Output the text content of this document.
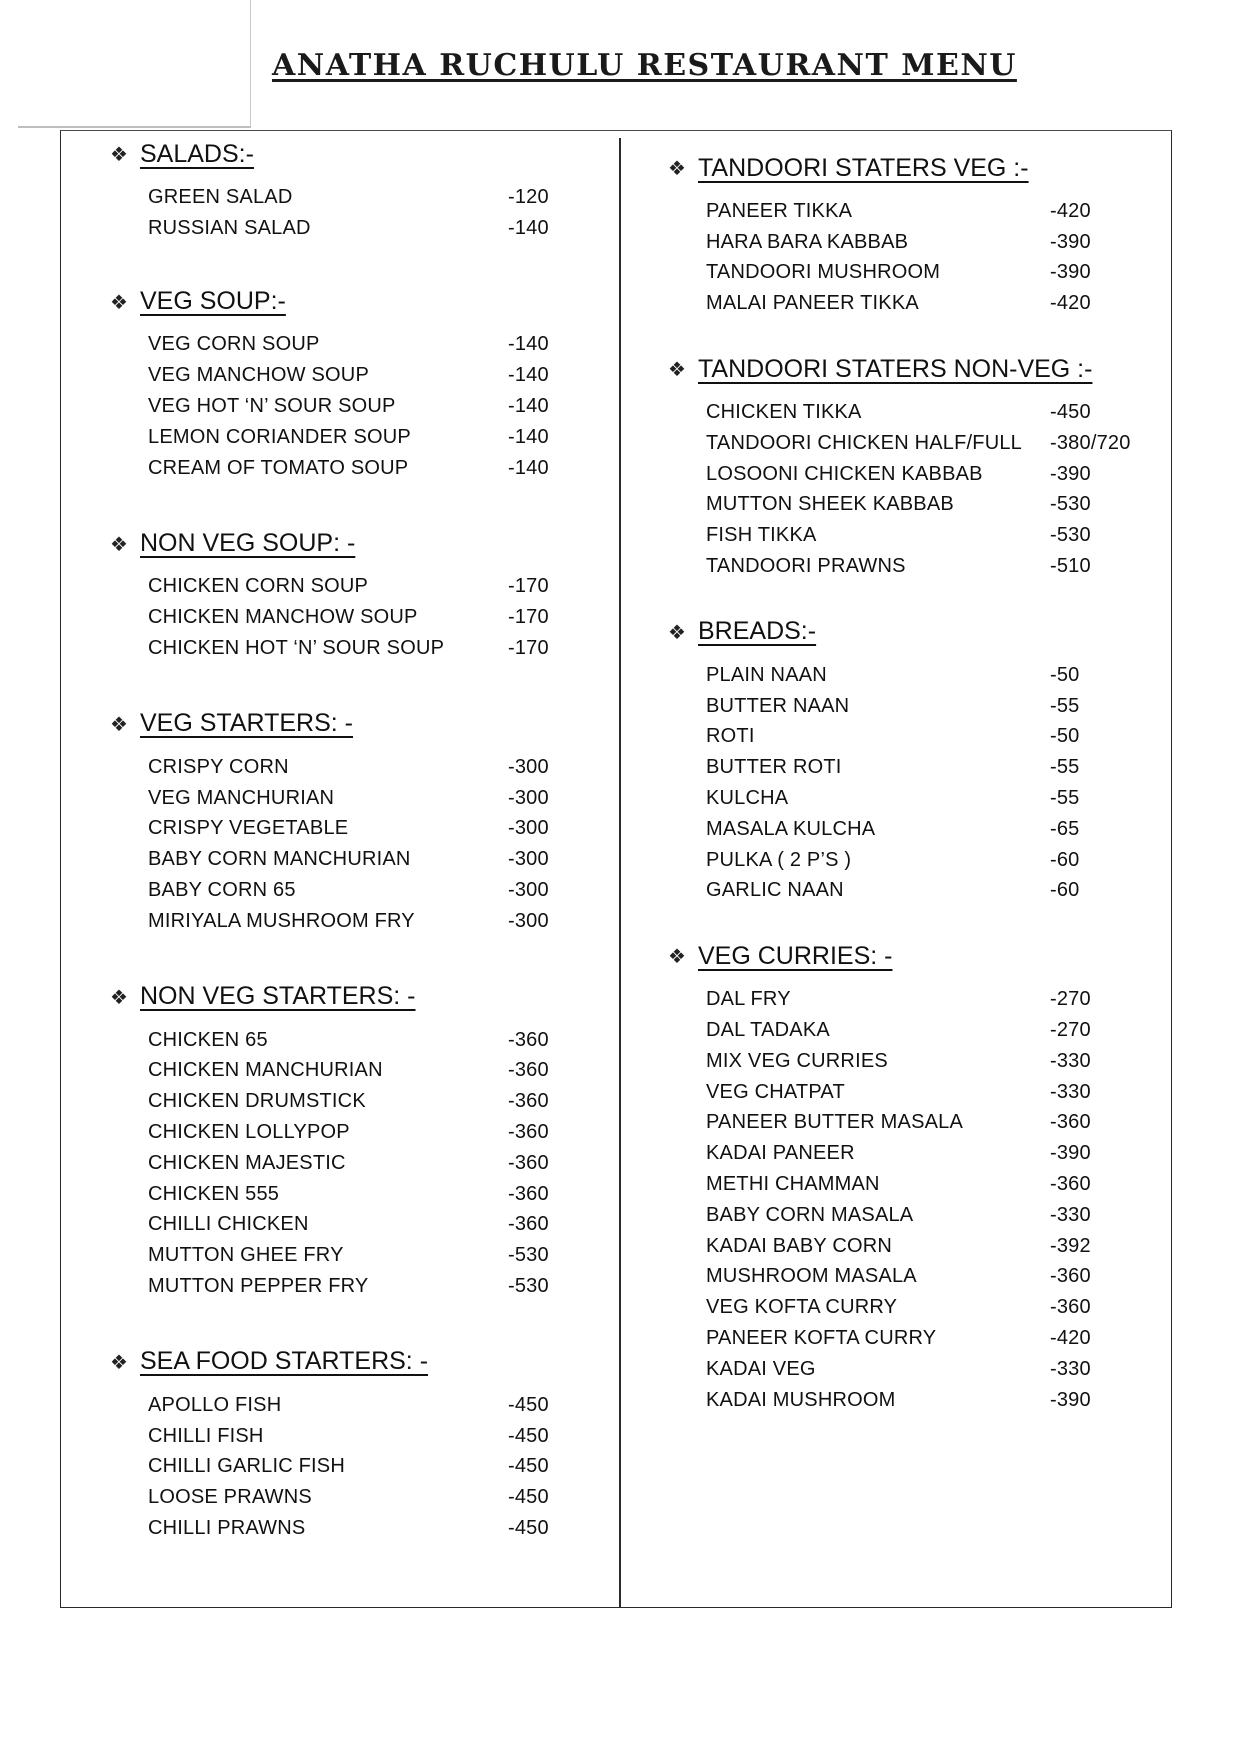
ANATHA RUCHULU RESTAURANT MENU
❖ SALADS:-
GREEN SALAD	-120
RUSSIAN SALAD	-140
❖ VEG SOUP:-
VEG CORN SOUP	-140
VEG MANCHOW SOUP	-140
VEG HOT ‘N’ SOUR SOUP	-140
LEMON CORIANDER SOUP	-140
CREAM OF TOMATO SOUP	-140
❖ NON VEG SOUP: -
CHICKEN CORN SOUP	-170
CHICKEN MANCHOW SOUP	-170
CHICKEN HOT ‘N’ SOUR SOUP	-170
❖ VEG STARTERS: -
CRISPY CORN	-300
VEG MANCHURIAN	-300
CRISPY VEGETABLE	-300
BABY CORN MANCHURIAN	-300
BABY CORN 65	-300
MIRIYALA MUSHROOM FRY	-300
❖ NON VEG STARTERS: -
CHICKEN 65	-360
CHICKEN MANCHURIAN	-360
CHICKEN DRUMSTICK	-360
CHICKEN LOLLYPOP	-360
CHICKEN MAJESTIC	-360
CHICKEN 555	-360
CHILLI CHICKEN	-360
MUTTON GHEE FRY	-530
MUTTON PEPPER FRY	-530
❖ SEA FOOD STARTERS: -
APOLLO FISH	-450
CHILLI FISH	-450
CHILLI GARLIC FISH	-450
LOOSE PRAWNS	-450
CHILLI PRAWNS	-450
❖ TANDOORI STATERS VEG :-
PANEER TIKKA	-420
HARA BARA KABBAB	-390
TANDOORI MUSHROOM	-390
MALAI PANEER TIKKA	-420
❖ TANDOORI STATERS NON-VEG :-
CHICKEN TIKKA	-450
TANDOORI CHICKEN HALF/FULL -380/720
LOSOONI CHICKEN KABBAB	-390
MUTTON SHEEK KABBAB	-530
FISH TIKKA	-530
TANDOORI PRAWNS	-510
❖ BREADS:-
PLAIN NAAN	-50
BUTTER NAAN	-55
ROTI	-50
BUTTER ROTI	-55
KULCHA	-55
MASALA KULCHA	-65
PULKA ( 2 P’S )	-60
GARLIC NAAN	-60
❖ VEG CURRIES: -
DAL FRY	-270
DAL TADAKA	-270
MIX VEG CURRIES	-330
VEG CHATPAT	-330
PANEER BUTTER MASALA	-360
KADAI PANEER	-390
METHI CHAMMAN	-360
BABY CORN MASALA	-330
KADAI BABY CORN	-392
MUSHROOM MASALA	-360
VEG KOFTA CURRY	-360
PANEER KOFTA CURRY	-420
KADAI VEG	-330
KADAI MUSHROOM	-390
